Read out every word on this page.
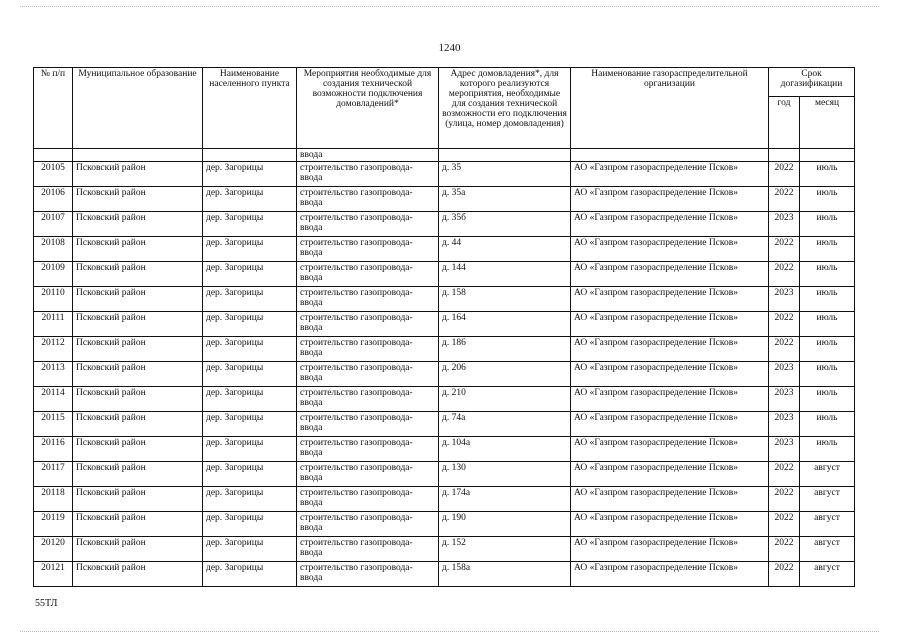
1240
№ п/п	Муниципальное образование	Наименование населенного пункта	Мероприятия необходимые для создания технической возможности подключения домовладений*	Адрес домовладения*, для которого реализуются мероприятия, необходимые для создания технической возможности его подключения (улица, номер домовладения)	Наименование газораспределительной организации	Срок догазификации	
						год	месяц
			ввода				
20105	Псковский район	дер. Загорицы	строительство газопровода-ввода	д. 35	АО «Газпром газораспределение Псков»	2022	июль
20106	Псковский район	дер. Загорицы	строительство газопровода-ввода	д. 35а	АО «Газпром газораспределение Псков»	2022	июль
20107	Псковский район	дер. Загорицы	строительство газопровода-ввода	д. 35б	АО «Газпром газораспределение Псков»	2023	июль
20108	Псковский район	дер. Загорицы	строительство газопровода-ввода	д. 44	АО «Газпром газораспределение Псков»	2022	июль
20109	Псковский район	дер. Загорицы	строительство газопровода-ввода	д. 144	АО «Газпром газораспределение Псков»	2022	июль
20110	Псковский район	дер. Загорицы	строительство газопровода-ввода	д. 158	АО «Газпром газораспределение Псков»	2023	июль
20111	Псковский район	дер. Загорицы	строительство газопровода-ввода	д. 164	АО «Газпром газораспределение Псков»	2022	июль
20112	Псковский район	дер. Загорицы	строительство газопровода-ввода	д. 186	АО «Газпром газораспределение Псков»	2022	июль
20113	Псковский район	дер. Загорицы	строительство газопровода-ввода	д. 206	АО «Газпром газораспределение Псков»	2023	июль
20114	Псковский район	дер. Загорицы	строительство газопровода-ввода	д. 210	АО «Газпром газораспределение Псков»	2023	июль
20115	Псковский район	дер. Загорицы	строительство газопровода-ввода	д. 74а	АО «Газпром газораспределение Псков»	2023	июль
20116	Псковский район	дер. Загорицы	строительство газопровода-ввода	д. 104а	АО «Газпром газораспределение Псков»	2023	июль
20117	Псковский район	дер. Загорицы	строительство газопровода-ввода	д. 130	АО «Газпром газораспределение Псков»	2022	август
20118	Псковский район	дер. Загорицы	строительство газопровода-ввода	д. 174а	АО «Газпром газораспределение Псков»	2022	август
20119	Псковский район	дер. Загорицы	строительство газопровода-ввода	д. 190	АО «Газпром газораспределение Псков»	2022	август
20120	Псковский район	дер. Загорицы	строительство газопровода-ввода	д. 152	АО «Газпром газораспределение Псков»	2022	август
20121	Псковский район	дер. Загорицы	строительство газопровода-ввода	д. 158а	АО «Газпром газораспределение Псков»	2022	август
55ТЛ
